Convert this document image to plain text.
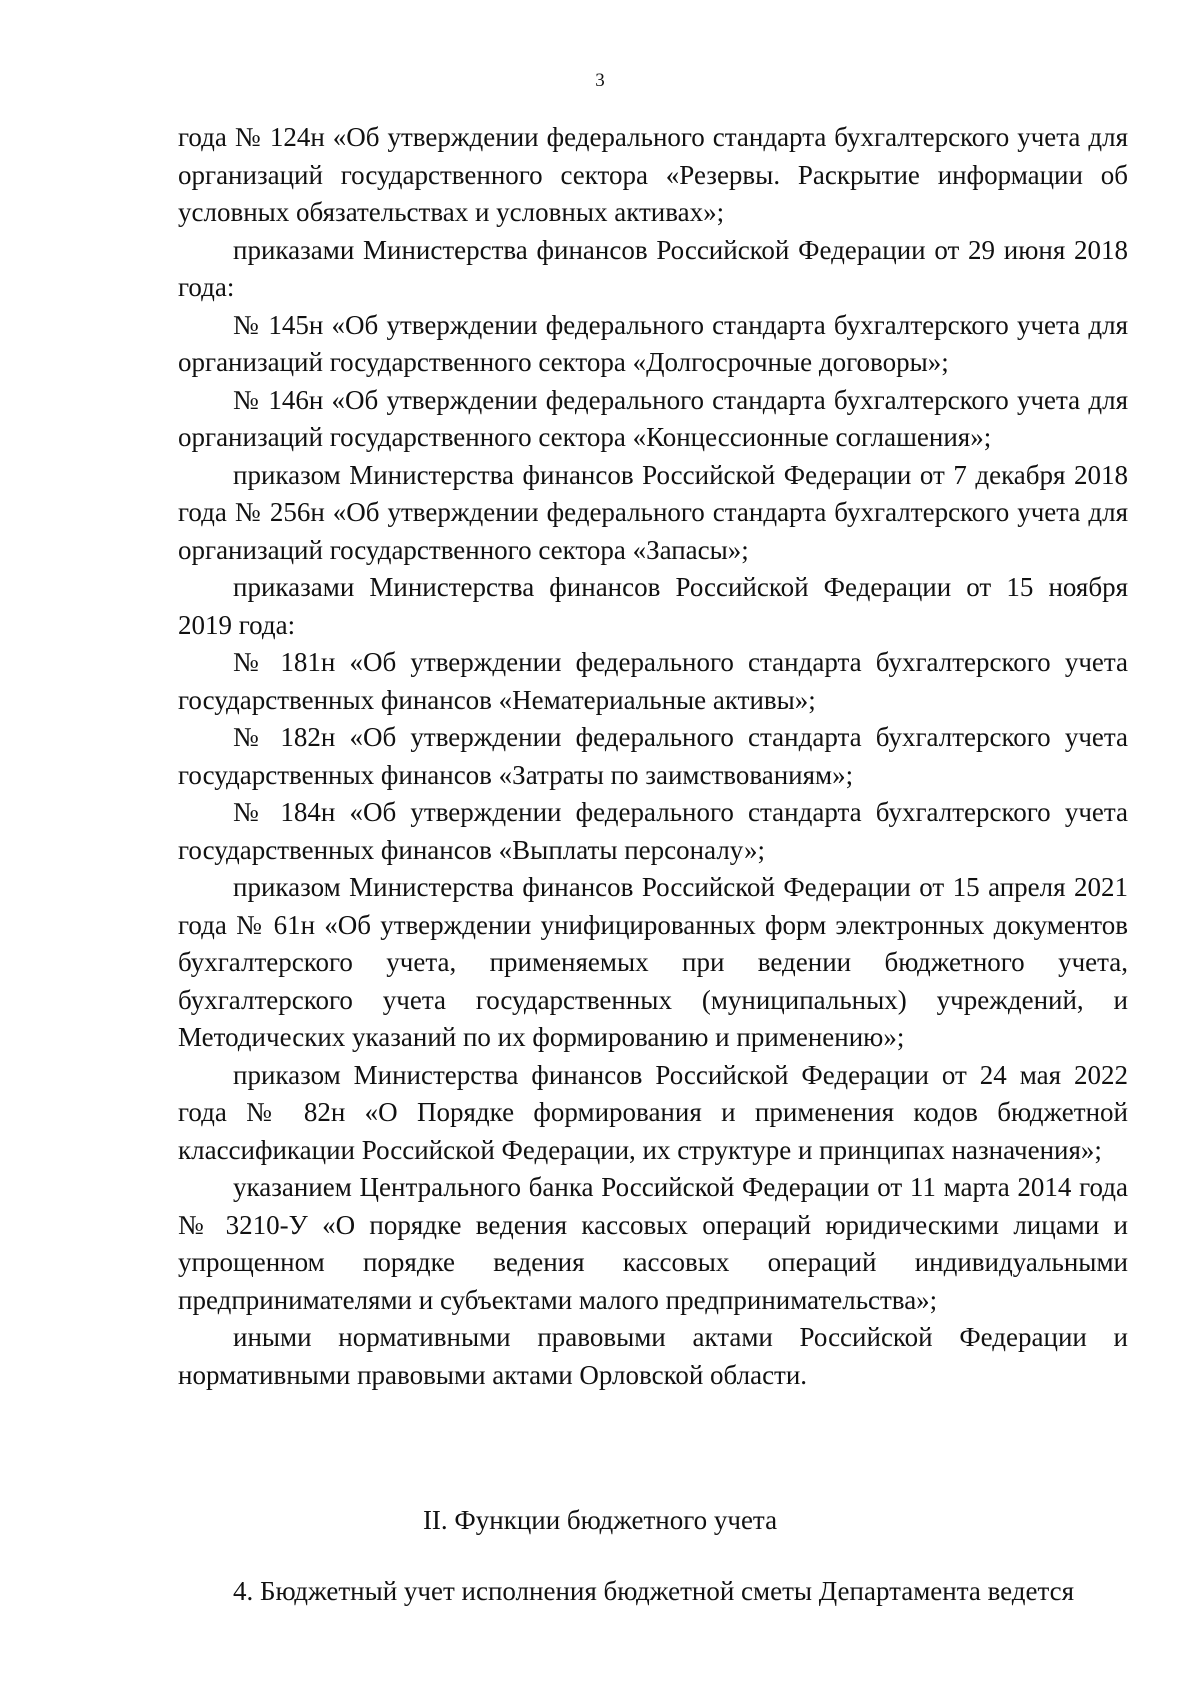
3

года № 124н «Об утверждении федерального стандарта бухгалтерского учета для организаций государственного сектора «Резервы. Раскрытие информации об условных обязательствах и условных активах»;

приказами Министерства финансов Российской Федерации от 29 июня 2018 года:

№ 145н «Об утверждении федерального стандарта бухгалтерского учета для организаций государственного сектора «Долгосрочные договоры»;

№ 146н «Об утверждении федерального стандарта бухгалтерского учета для организаций государственного сектора «Концессионные соглашения»;

приказом Министерства финансов Российской Федерации от 7 декабря 2018 года № 256н «Об утверждении федерального стандарта бухгалтерского учета для организаций государственного сектора «Запасы»;

приказами Министерства финансов Российской Федерации от 15 ноября 2019 года:

№ 181н «Об утверждении федерального стандарта бухгалтерского учета государственных финансов «Нематериальные активы»;

№ 182н «Об утверждении федерального стандарта бухгалтерского учета государственных финансов «Затраты по заимствованиям»;

№ 184н «Об утверждении федерального стандарта бухгалтерского учета государственных финансов «Выплаты персоналу»;

приказом Министерства финансов Российской Федерации от 15 апреля 2021 года № 61н «Об утверждении унифицированных форм электронных документов бухгалтерского учета, применяемых при ведении бюджетного учета, бухгалтерского учета государственных (муниципальных) учреждений, и Методических указаний по их формированию и применению»;

приказом Министерства финансов Российской Федерации от 24 мая 2022 года № 82н «О Порядке формирования и применения кодов бюджетной классификации Российской Федерации, их структуре и принципах назначения»;

указанием Центрального банка Российской Федерации от 11 марта 2014 года № 3210-У «О порядке ведения кассовых операций юридическими лицами и упрощенном порядке ведения кассовых операций индивидуальными предпринимателями и субъектами малого предпринимательства»;

иными нормативными правовыми актами Российской Федерации и нормативными правовыми актами Орловской области.

II. Функции бюджетного учета
4. Бюджетный учет исполнения бюджетной сметы Департамента ведется
